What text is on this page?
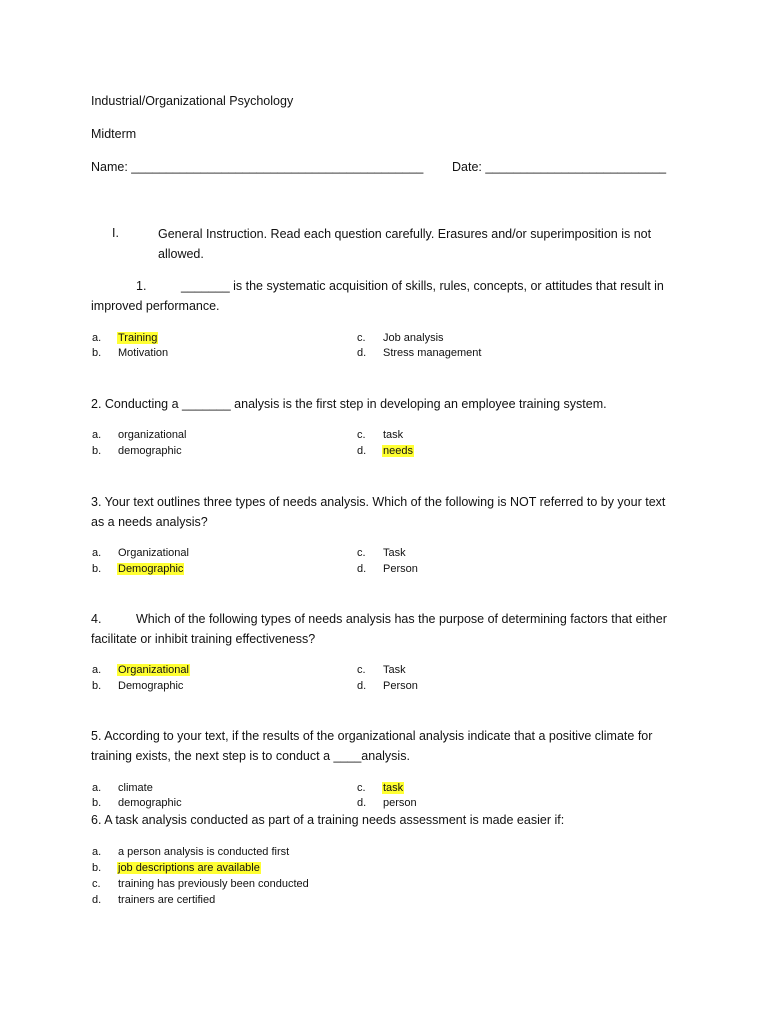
Industrial/Organizational Psychology
Midterm
Name: __________________________________________ Date: __________________________
I.	General Instruction. Read each question carefully. Erasures and/or superimposition is not allowed.
1.	_______ is the systematic acquisition of skills, rules, concepts, or attitudes that result in improved performance.
a. Training
b. Motivation
c. Job analysis
d. Stress management
2. Conducting a _______ analysis is the first step in developing an employee training system.
a. organizational
b. demographic
c. task
d. needs
3. Your text outlines three types of needs analysis. Which of the following is NOT referred to by your text as a needs analysis?
a. Organizational
b. Demographic
c. Task
d. Person
4.	Which of the following types of needs analysis has the purpose of determining factors that either facilitate or inhibit training effectiveness?
a. Organizational
b. Demographic
c. Task
d. Person
5. According to your text, if the results of the organizational analysis indicate that a positive climate for training exists, the next step is to conduct a ____analysis.
a. climate
b. demographic
c. task
d. person
6. A task analysis conducted as part of a training needs assessment is made easier if:
a. a person analysis is conducted first
b. job descriptions are available
c. training has previously been conducted
d. trainers are certified
